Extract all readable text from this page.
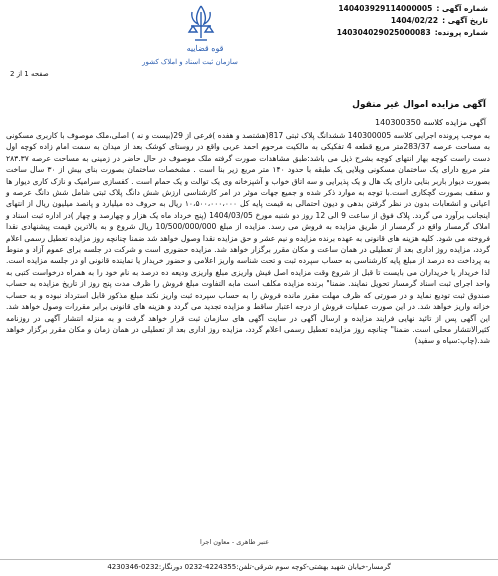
قوه قضاییه
سازمان ثبت اسناد و املاک کشور
شماره آگهی :
140403929114000005
تاریخ آگهی :
1404/02/22
شماره پرونده:
140304029025000083
صفحه 1 از 2
آگهی مزایده اموال غیر منقول
آگهی مزایده کلاسه 140300350
به موجب پرونده اجرایی کلاسه 140300005 ششدانگ پلاک ثبتی 817(هشتصد و هفده )فرعی از 29(بیست و نه ) اصلی،ملک موصوف با کاربری مسکونی به مساحت عرصه 283/37متر مربع قطعه 4 تفکیکی به مالکیت مرحوم احمد عربی واقع در روستای کوشک بعد از میدان به سمت امام زاده کوچه اول دست راست کوچه بهار انتهای کوچه بشرح ذیل می باشد:طبق مشاهدات صورت گرفته ملک موصوف در حال حاضر در زمینی به مساحت عرصه ۲۸۳.۳۷ متر مربع دارای یک ساختمان مسکونی ویلایی یک طبقه با حدود ۱۴۰ متر مربع زیر بنا است . مشخصات ساختمان بصورت بنای بیش از ۳۰ سال ساخت بصورت دیوار باربر بنایی دارای یک هال و یک پذیرایی و سه اتاق خواب و آشپزخانه وی یک توالت و یک حمام است . کفسازی سرامیک و نازک کاری دیوار ها و سقف بصورت گچکاری است.با توجه به موارد ذکر شده و جمیع جهات موثر در امر کارشناسی ارزش شش دانگ پلاک ثبتی شامل شش دانگ عرصه و اعیانی و انشعابات بدون در نظر گرفتن بدهی و دیون احتمالی به قیمت پایه کل ۱۰،۵۰۰،۰۰۰،۰۰۰ ریال به حروف ده میلیارد و پانصد میلیون ریال از انتهای اینجانب برآورد می گردد. پلاک فوق از ساعت 9 الی 12 روز دو شنبه مورخ 1404/03/05 (پنج خرداد ماه یک هزار و چهارصد و چهار )در اداره ثبت اسناد و املاک گرمسار واقع در گرمسار از طریق مزایده به فروش می رسد. مزایده از مبلغ 10/500/000/000 ریال شروع و به بالاترین قیمت پیشنهادی نقدا فروخته می شود. کلیه هزینه های قانونی به عهده برنده مزایده و نیم عشر و حق مزایده نقدا وصول خواهد شد ضمنا چنانچه روز مزایده تعطیل رسمی اعلام گردد، مزایده روز اداری بعد از تعطیلی در همان ساعت و مکان مقرر برگزار خواهد شد. مزایده حضوری است و شرکت در جلسه برای عموم آزاد و منوط به پرداخت ده درصد از مبلغ پایه کارشناسی به حساب سپرده ثبت و تحت شناسه واریز اعلامی و حضور خریدار یا نماینده قانونی او در جلسه مزایده است. لذا خریدار یا خریداران می بایست تا قبل از شروع وقت مزایده اصل فیش واریزی مبلغ واریزی ودیعه ده درصد به نام خود را به همراه درخواست کتبی به واحد اجرای ثبت اسناد گرمسار تحویل نمایند. ضمنا" برنده مزایده مکلف است مابه التفاوت مبلغ فروش را ظرف مدت پنج روز از تاریخ مزایده به حساب صندوق ثبت تودیع نماید و در صورتی که ظرف مهلت مقرر مانده فروش را به حساب سپرده ثبت واریز نکند مبلغ مذکور قابل استرداد نبوده و به حساب خزانه واریز خواهد شد. در این صورت عملیات فروش از درجه اعتبار ساقط و مزایده تجدید می گردد و هزینه های قانونی برابر مقررات وصول خواهد شد. این آگهی پس از تائید نهایی فرایند مزایده و ارسال آگهی در سایت آگهی های سازمان ثبت قرار خواهد گرفت و به منزله انتشار آگهی در روزنامه کثیرالانتشار محلی است. ضمنا" چنانچه روز مزایده تعطیل رسمی اعلام گردد، مزایده روز اداری بعد از تعطیلی در همان زمان و مکان مقرر برگزار خواهد شد.(چاپ:سیاه و سفید)
عنبر طاهری - معاون اجرا
گرمسار-خیابان شهید بهشتی-کوچه سوم شرقی-تلفن:4224355-0232 دورنگار:0232-4230346
